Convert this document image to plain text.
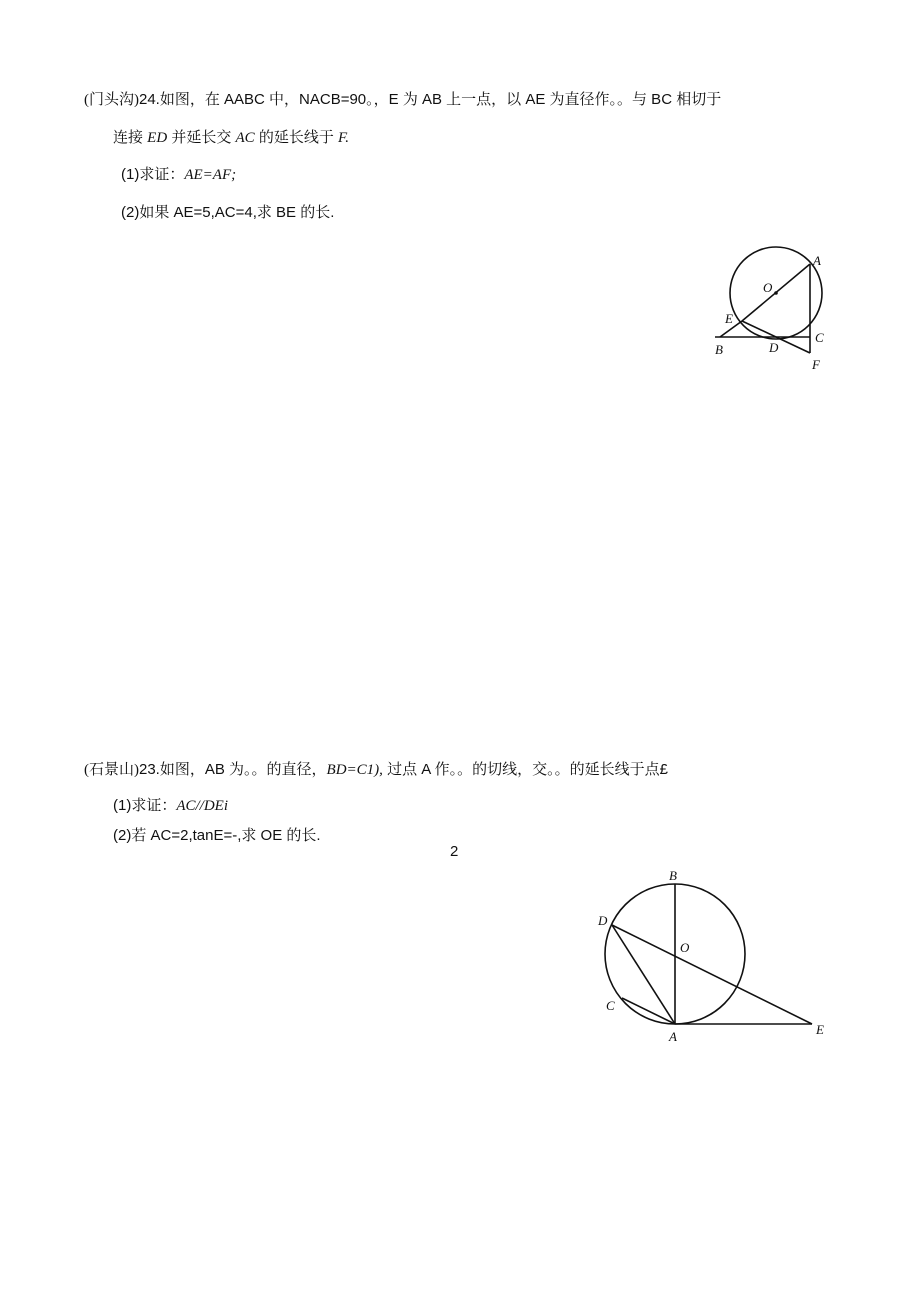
(门头沟)24.如图，在 AABC 中，NACB=90。，E 为 AB 上一点，以 AE 为直径作。。与 BC 相切于
连接 ED 并延长交 AC 的延长线于 F.
(1)求证：AE=AF;
(2)如果 AE=5,AC=4,求 BE 的长.
A
O
E
C
B	D
F
(石景山)23.如图，AB 为。。的直径，BD=C1), 过点 A 作。。的切线，交。。的延长线于点£
(1)求证：AC//DEi
(2)若 AC=2,tanE=-,求 OE 的长.
2
B
D
O
C
A	E
